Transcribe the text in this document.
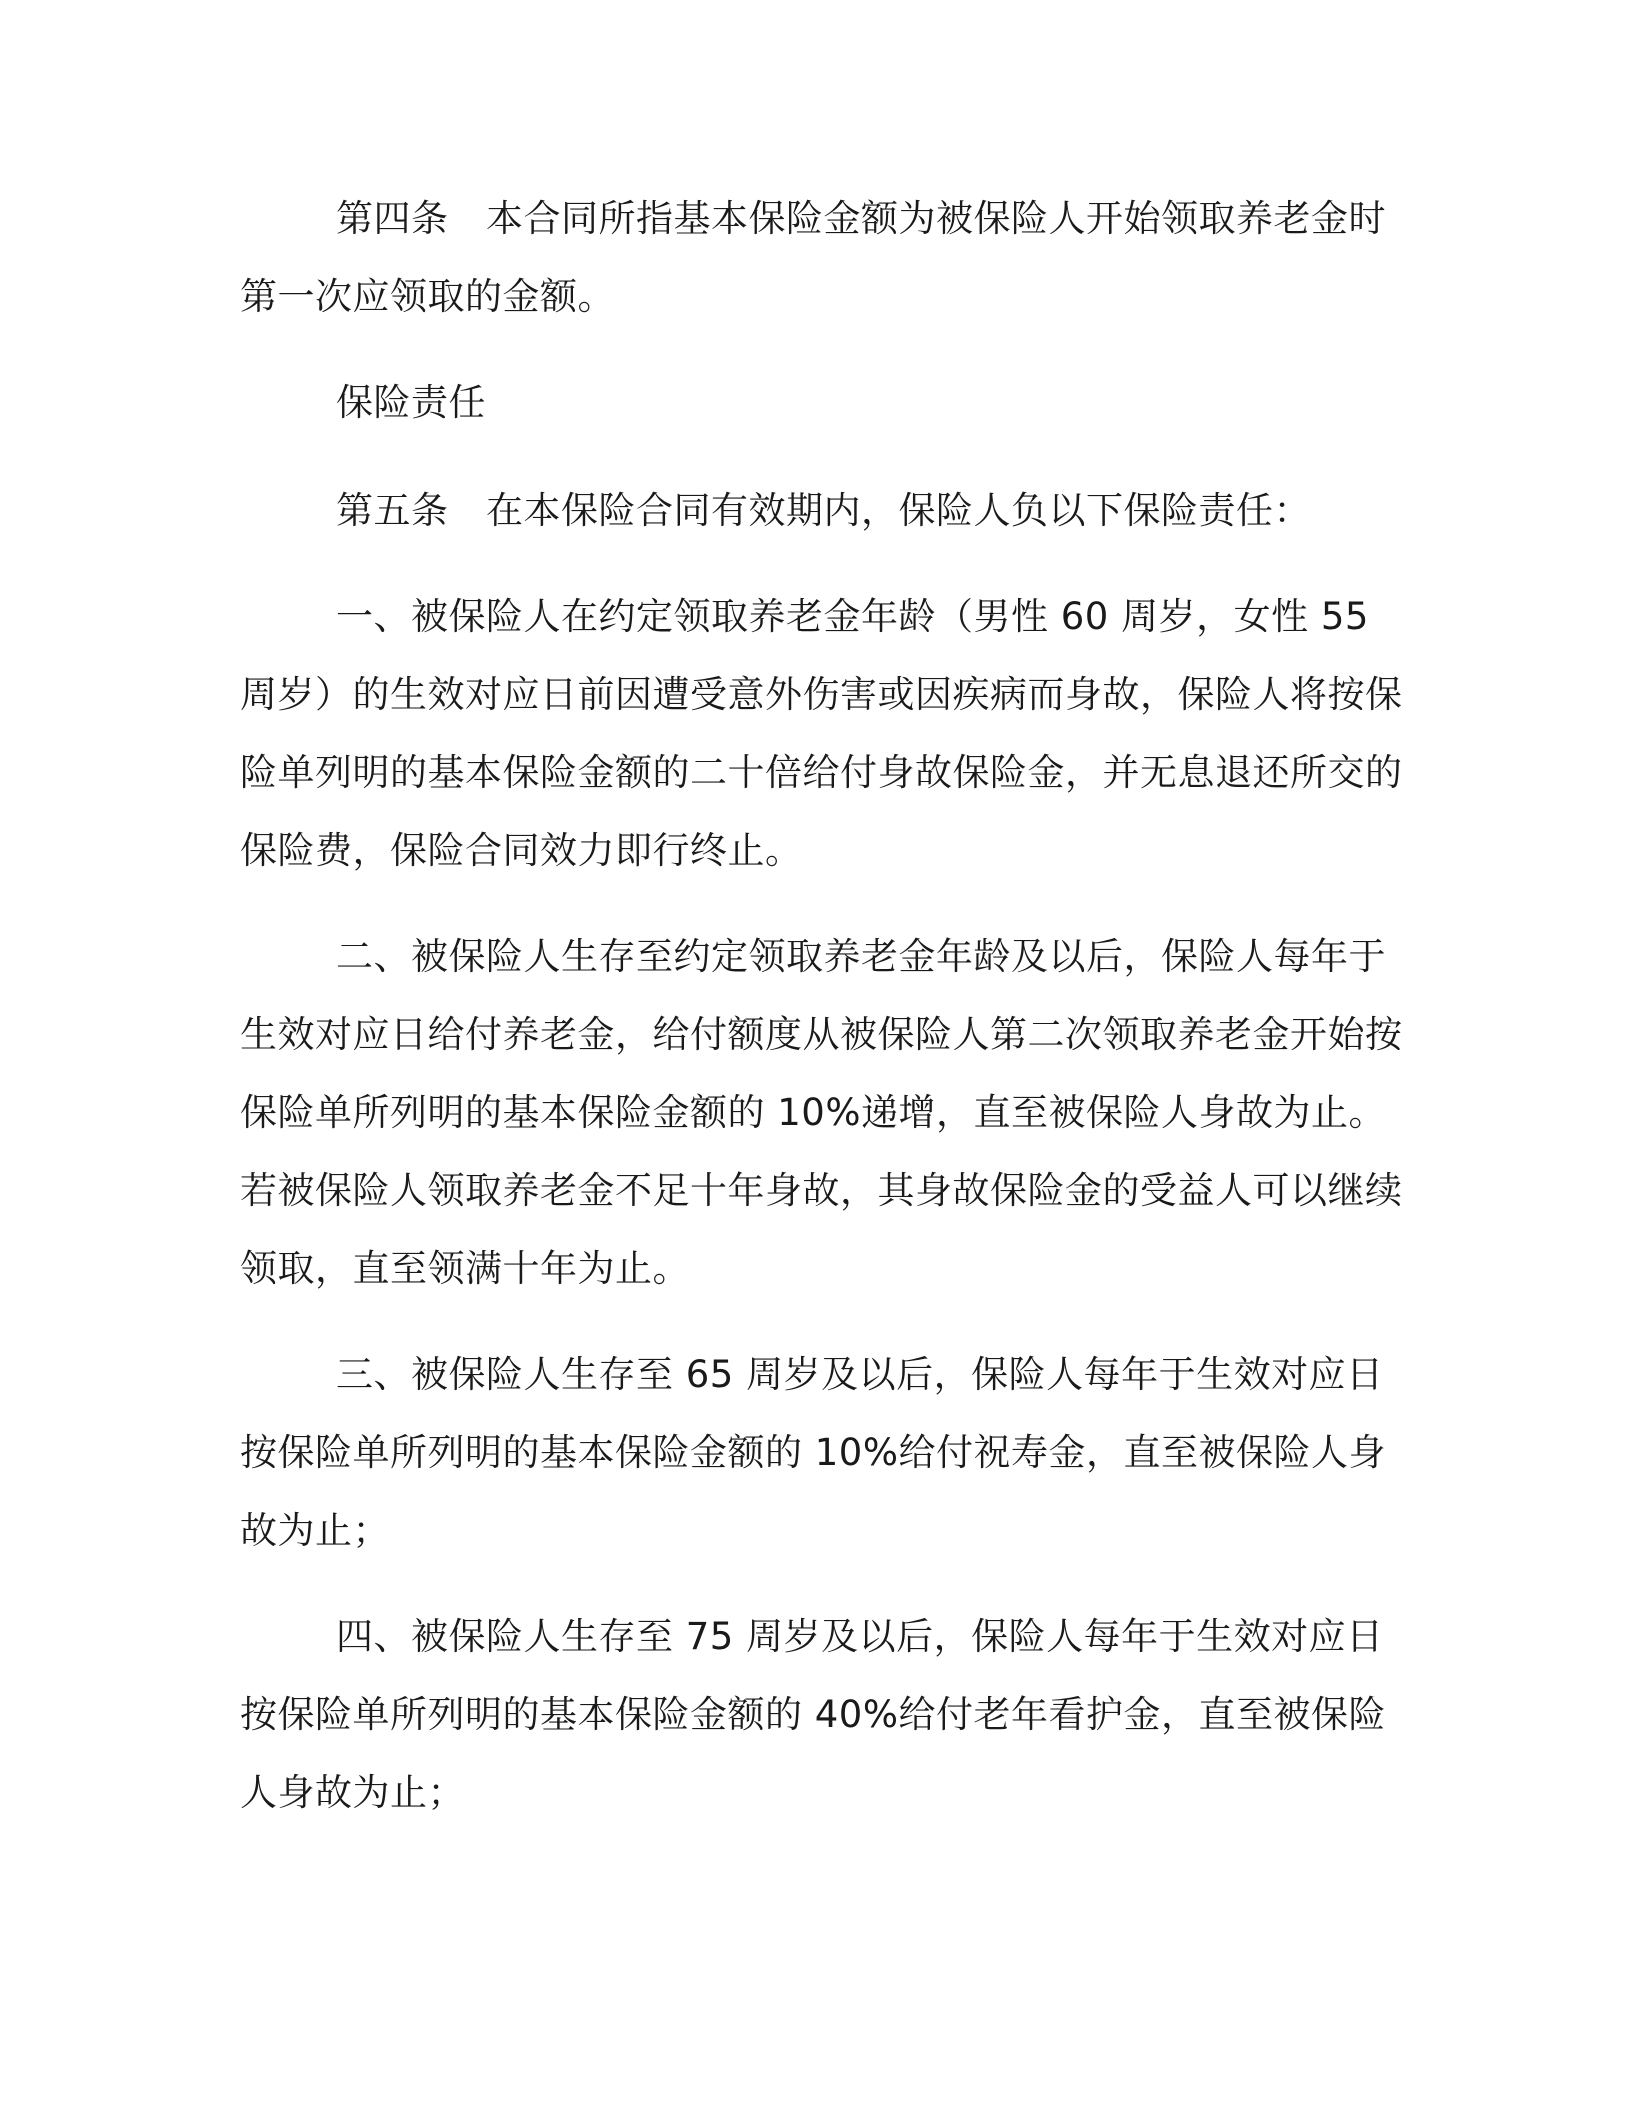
第四条　本合同所指基本保险金额为被保险人开始领取养老金时第一次应领取的金额。

保险责任

第五条　在本保险合同有效期内，保险人负以下保险责任：

一、被保险人在约定领取养老金年龄（男性 60 周岁，女性 55 周岁）的生效对应日前因遭受意外伤害或因疾病而身故，保险人将按保险单列明的基本保险金额的二十倍给付身故保险金，并无息退还所交的保险费，保险合同效力即行终止。

二、被保险人生存至约定领取养老金年龄及以后，保险人每年于生效对应日给付养老金，给付额度从被保险人第二次领取养老金开始按保险单所列明的基本保险金额的 10%递增，直至被保险人身故为止。若被保险人领取养老金不足十年身故，其身故保险金的受益人可以继续领取，直至领满十年为止。

三、被保险人生存至 65 周岁及以后，保险人每年于生效对应日按保险单所列明的基本保险金额的 10%给付祝寿金，直至被保险人身故为止；

四、被保险人生存至 75 周岁及以后，保险人每年于生效对应日按保险单所列明的基本保险金额的 40%给付老年看护金，直至被保险人身故为止；
